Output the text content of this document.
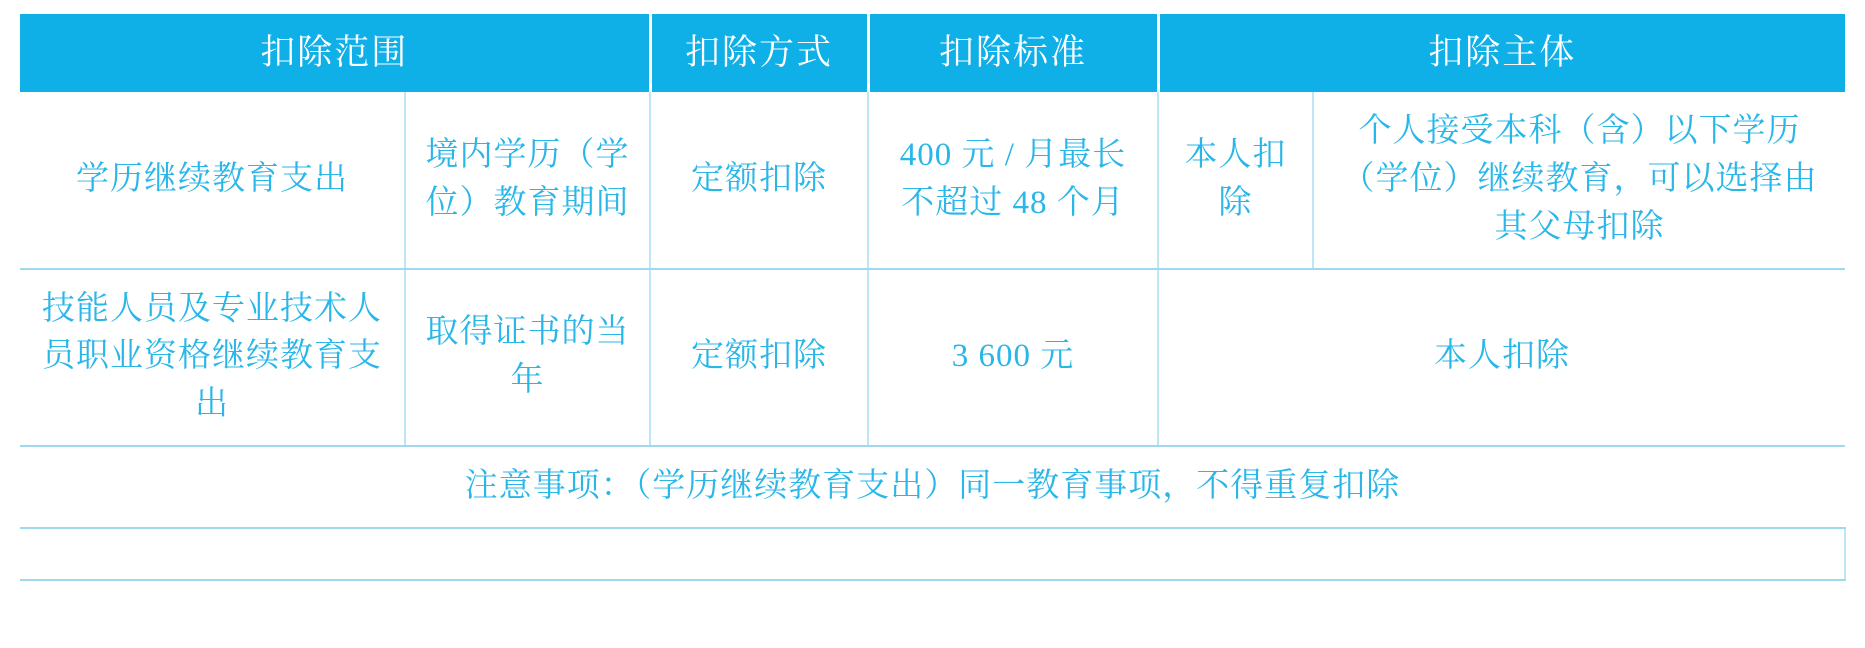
扣除范围		扣除方式	扣除标准	扣除主体	
学历继续教育支出	境内学历（学位）教育期间	定额扣除	400 元 / 月最长不超过 48 个月	本人扣除	个人接受本科（含）以下学历（学位）继续教育，可以选择由其父母扣除
技能人员及专业技术人员职业资格继续教育支出	取得证书的当年	定额扣除	3 600 元	本人扣除	
注意事项：（学历继续教育支出）同一教育事项，不得重复扣除					
